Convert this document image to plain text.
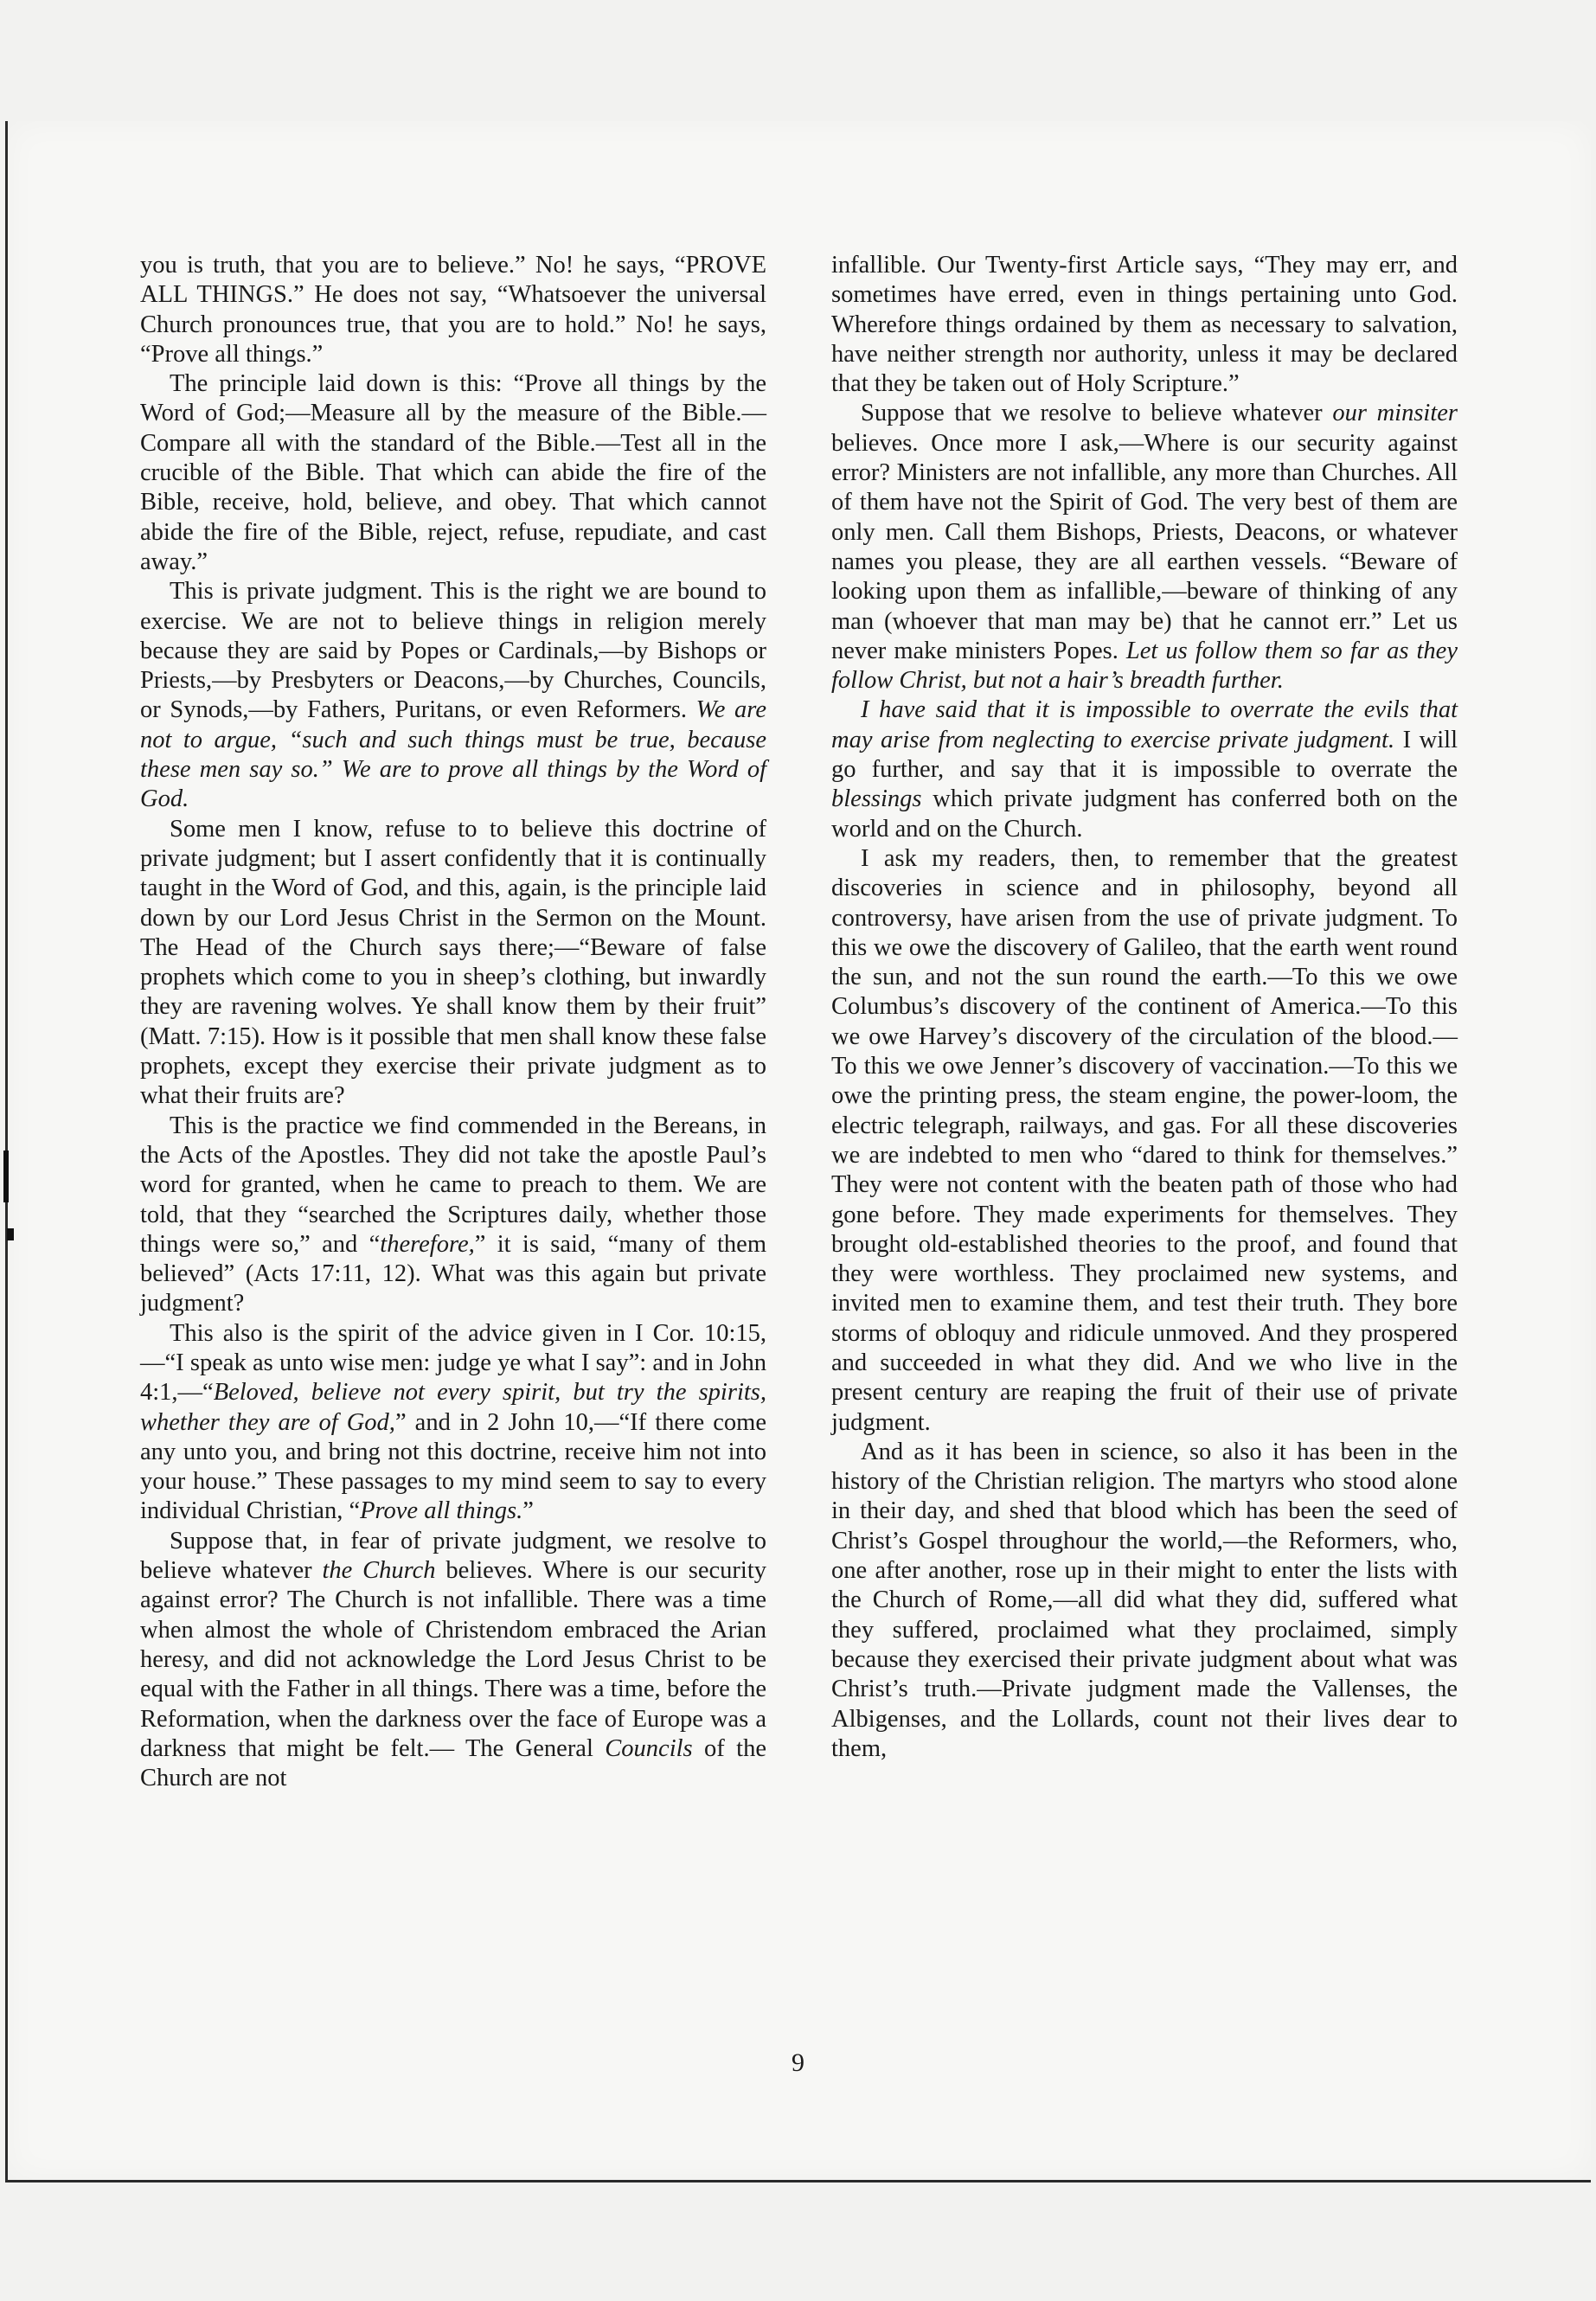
you is truth, that you are to believe.” No! he says, “PROVE ALL THINGS.” He does not say, “Whatsoever the universal Church pronounces true, that you are to hold.” No! he says, “Prove all things.”

The principle laid down is this: “Prove all things by the Word of God;—Measure all by the measure of the Bible.—Compare all with the standard of the Bible.—Test all in the crucible of the Bible. That which can abide the fire of the Bible, receive, hold, believe, and obey. That which cannot abide the fire of the Bible, reject, refuse, repudiate, and cast away.”

This is private judgment. This is the right we are bound to exercise. We are not to believe things in religion merely because they are said by Popes or Cardinals,—by Bishops or Priests,—by Presbyters or Deacons,—by Churches, Councils, or Synods,—by Fathers, Puritans, or even Reformers. We are not to argue, “such and such things must be true, because these men say so.” We are to prove all things by the Word of God.

Some men I know, refuse to to believe this doctrine of private judgment; but I assert confidently that it is continually taught in the Word of God, and this, again, is the principle laid down by our Lord Jesus Christ in the Sermon on the Mount. The Head of the Church says there;—“Beware of false prophets which come to you in sheep’s clothing, but inwardly they are ravening wolves. Ye shall know them by their fruit” (Matt. 7:15). How is it possible that men shall know these false prophets, except they exercise their private judgment as to what their fruits are?

This is the practice we find commended in the Bereans, in the Acts of the Apostles. They did not take the apostle Paul’s word for granted, when he came to preach to them. We are told, that they “searched the Scriptures daily, whether those things were so,” and “therefore,” it is said, “many of them believed” (Acts 17:11, 12). What was this again but private judgment?

This also is the spirit of the advice given in I Cor. 10:15,—“I speak as unto wise men: judge ye what I say”: and in John 4:1,—“Beloved, believe not every spirit, but try the spirits, whether they are of God,” and in 2 John 10,—“If there come any unto you, and bring not this doctrine, receive him not into your house.” These passages to my mind seem to say to every individual Christian, “Prove all things.”

Suppose that, in fear of private judgment, we resolve to believe whatever the Church believes. Where is our security against error? The Church is not infallible. There was a time when almost the whole of Christendom embraced the Arian heresy, and did not acknowledge the Lord Jesus Christ to be equal with the Father in all things. There was a time, before the Reformation, when the darkness over the face of Europe was a darkness that might be felt.— The General Councils of the Church are not

infallible. Our Twenty-first Article says, “They may err, and sometimes have erred, even in things pertaining unto God. Wherefore things ordained by them as necessary to salvation, have neither strength nor authority, unless it may be declared that they be taken out of Holy Scripture.”

Suppose that we resolve to believe whatever our minsiter believes. Once more I ask,—Where is our security against error? Ministers are not infallible, any more than Churches. All of them have not the Spirit of God. The very best of them are only men. Call them Bishops, Priests, Deacons, or whatever names you please, they are all earthen vessels. “Beware of looking upon them as infallible,—beware of thinking of any man (whoever that man may be) that he cannot err.” Let us never make ministers Popes. Let us follow them so far as they follow Christ, but not a hair’s breadth further.

I have said that it is impossible to overrate the evils that may arise from neglecting to exercise private judgment. I will go further, and say that it is impossible to overrate the blessings which private judgment has conferred both on the world and on the Church.

I ask my readers, then, to remember that the greatest discoveries in science and in philosophy, beyond all controversy, have arisen from the use of private judgment. To this we owe the discovery of Galileo, that the earth went round the sun, and not the sun round the earth.—To this we owe Columbus’s discovery of the continent of America.—To this we owe Harvey’s discovery of the circulation of the blood.—To this we owe Jenner’s discovery of vaccination.—To this we owe the printing press, the steam engine, the power-loom, the electric telegraph, railways, and gas. For all these discoveries we are indebted to men who “dared to think for themselves.” They were not content with the beaten path of those who had gone before. They made experiments for themselves. They brought old-established theories to the proof, and found that they were worthless. They proclaimed new systems, and invited men to examine them, and test their truth. They bore storms of obloquy and ridicule unmoved. And they prospered and succeeded in what they did. And we who live in the present century are reaping the fruit of their use of private judgment.

And as it has been in science, so also it has been in the history of the Christian religion. The martyrs who stood alone in their day, and shed that blood which has been the seed of Christ’s Gospel throughour the world,—the Reformers, who, one after another, rose up in their might to enter the lists with the Church of Rome,—all did what they did, suffered what they suffered, proclaimed what they proclaimed, simply because they exercised their private judgment about what was Christ’s truth.—Private judgment made the Vallenses, the Albigenses, and the Lollards, count not their lives dear to them,

9
